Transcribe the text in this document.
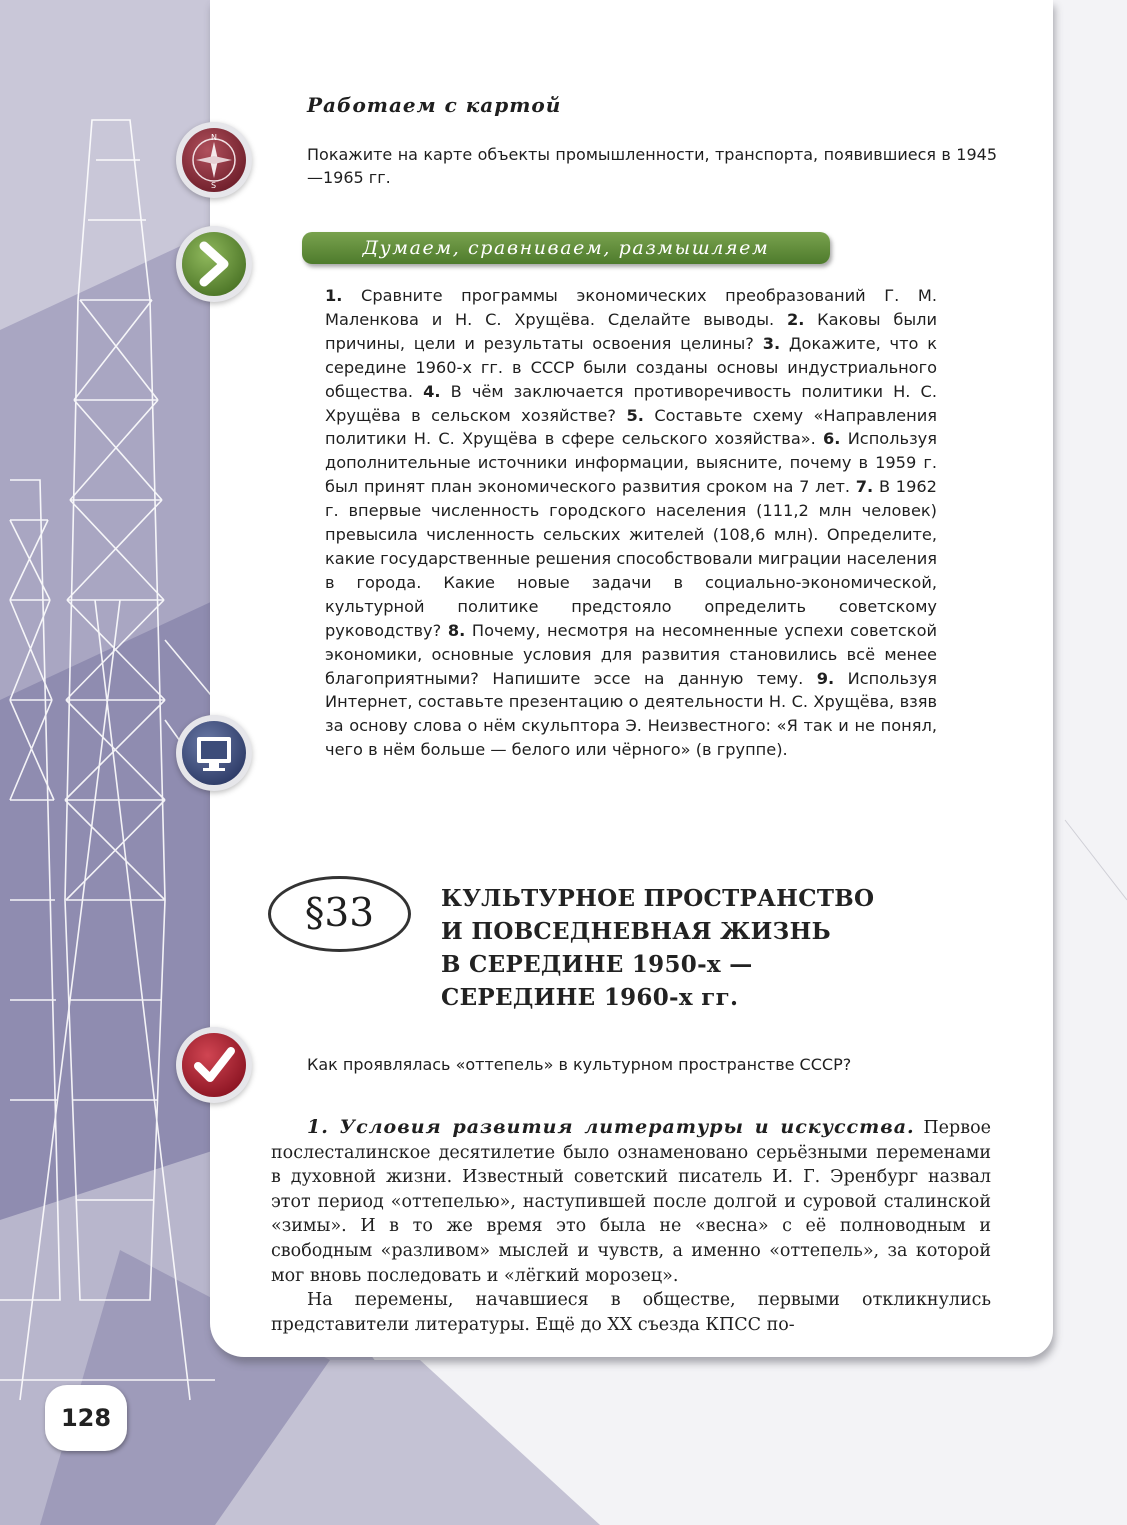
N
S
Работаем с картой

Покажите на карте объекты промышленности, транспорта, появившиеся в 1945—1965 гг.

Думаем, сравниваем, размышляем

1. Сравните программы экономических преобразований Г. М. Маленкова и Н. С. Хрущёва. Сделайте выводы. 2. Каковы были причины, цели и результаты освоения целины? 3. Докажите, что к середине 1960-х гг. в СССР были созданы основы индустриального общества. 4. В чём заключается противоречивость политики Н. С. Хрущёва в сельском хозяйстве? 5. Составьте схему «Направления политики Н. С. Хрущёва в сфере сельского хозяйства». 6. Используя дополнительные источники информации, выясните, почему в 1959 г. был принят план экономического развития сроком на 7 лет. 7. В 1962 г. впервые численность городского населения (111,2 млн человек) превысила численность сельских жителей (108,6 млн). Определите, какие государственные решения способствовали миграции населения в города. Какие новые задачи в социально-экономической, культурной политике предстояло определить советскому руководству? 8. Почему, несмотря на несомненные успехи советской экономики, основные условия для развития становились всё менее благоприятными? Напишите эссе на данную тему. 9. Используя Интернет, составьте презентацию о деятельности Н. С. Хрущёва, взяв за основу слова о нём скульптора Э. Неизвестного: «Я так и не понял, чего в нём больше — белого или чёрного» (в группе).

§33	КУЛЬТУРНОЕ ПРОСТРАНСТВО
И ПОВСЕДНЕВНАЯ ЖИЗНЬ
В СЕРЕДИНЕ 1950-х —
СЕРЕДИНЕ 1960-х гг.

Как проявлялась «оттепель» в культурном пространстве СССР?

1. Условия развития литературы и искусства. Первое послесталинское десятилетие было ознаменовано серьёзными переменами в духовной жизни. Известный советский писатель И. Г. Эренбург назвал этот период «оттепелью», наступившей после долгой и суровой сталинской «зимы». И в то же время это была не «весна» с её полноводным и свободным «разливом» мыслей и чувств, а именно «оттепель», за которой мог вновь последовать и «лёгкий морозец».
На перемены, начавшиеся в обществе, первыми откликнулись представители литературы. Ещё до XX съезда КПСС по-
128
